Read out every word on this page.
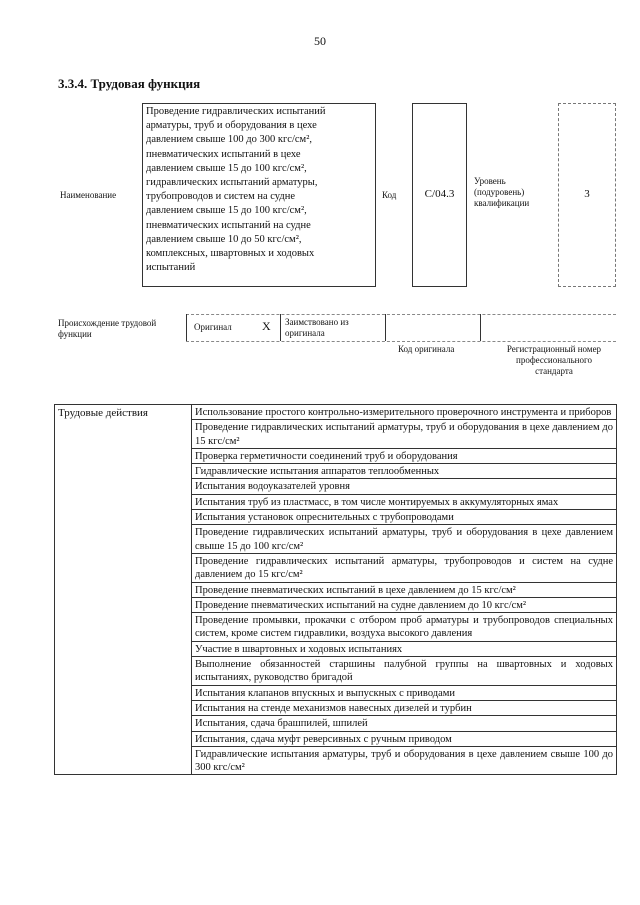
50
3.3.4. Трудовая функция
Наименование
Проведение гидравлических испытаний
арматуры, труб и оборудования в цехе
давлением свыше 100 до 300 кгс/см²,
пневматических испытаний в цехе
давлением свыше 15 до 100 кгс/см²,
гидравлических испытаний арматуры,
трубопроводов и систем на судне
давлением свыше 15 до 100 кгс/см²,
пневматических испытаний на судне
давлением свыше 10 до 50 кгс/см²,
комплексных, швартовных и ходовых
испытаний
Код	С/04.3
Уровень
(подуровень)
квалификации
3
Происхождение трудовой
функции
Оригинал	X Заимствовано из
оригинала
Код оригинала	Регистрационный номер
профессионального
стандарта
Трудовые действия	Использование простого контрольно-измерительного проверочного инструмента и приборов
Проведение гидравлических испытаний арматуры, труб и оборудования в цехе давлением до 15 кгс/см²
Проверка герметичности соединений труб и оборудования
Гидравлические испытания аппаратов теплообменных
Испытания водоуказателей уровня
Испытания труб из пластмасс, в том числе монтируемых в аккумуляторных ямах
Испытания установок опреснительных с трубопроводами
Проведение гидравлических испытаний арматуры, труб и оборудования в цехе давлением свыше 15 до 100 кгс/см²
Проведение гидравлических испытаний арматуры, трубопроводов и систем на судне давлением до 15 кгс/см²
Проведение пневматических испытаний в цехе давлением до 15 кгс/см²
Проведение пневматических испытаний на судне давлением до 10 кгс/см²
Проведение промывки, прокачки с отбором проб арматуры и трубопроводов специальных систем, кроме систем гидравлики, воздуха высокого давления
Участие в швартовных и ходовых испытаниях
Выполнение обязанностей старшины палубной группы на швартовных и ходовых испытаниях, руководство бригадой
Испытания клапанов впускных и выпускных с приводами
Испытания на стенде механизмов навесных дизелей и турбин
Испытания, сдача брашпилей, шпилей
Испытания, сдача муфт реверсивных с ручным приводом
Гидравлические испытания арматуры, труб и оборудования в цехе давлением свыше 100 до 300 кгс/см²
